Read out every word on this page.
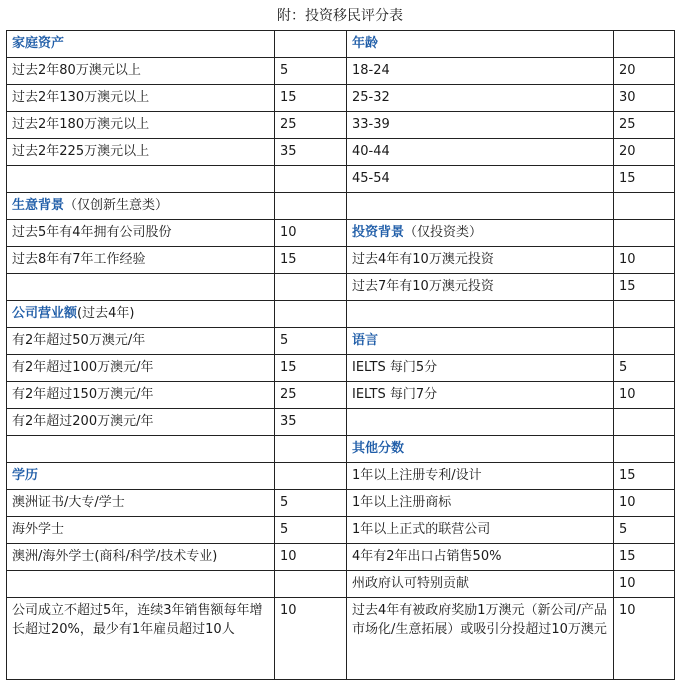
附：投资移民评分表
家庭资产		年龄	
过去2年80万澳元以上	5	18-24	20
过去2年130万澳元以上	15	25-32	30
过去2年180万澳元以上	25	33-39	25
过去2年225万澳元以上	35	40-44	20
		45-54	15
生意背景（仅创新生意类）			
过去5年有4年拥有公司股份	10	投资背景（仅投资类）	
过去8年有7年工作经验	15	过去4年有10万澳元投资	10
		过去7年有10万澳元投资	15
公司营业额(过去4年)			
有2年超过50万澳元/年	5	语言	
有2年超过100万澳元/年	15	IELTS 每门5分	5
有2年超过150万澳元/年	25	IELTS 每门7分	10
有2年超过200万澳元/年	35		
		其他分数	
学历		1年以上注册专利/设计	15
澳洲证书/大专/学士	5	1年以上注册商标	10
海外学士	5	1年以上正式的联营公司	5
澳洲/海外学士(商科/科学/技术专业)	10	4年有2年出口占销售50%	15
		州政府认可特别贡献	10
公司成立不超过5年，连续3年销售额每年增长超过20%，最少有1年雇员超过10人	10	过去4年有被政府奖励1万澳元（新公司/产品市场化/生意拓展）或吸引分投超过10万澳元	10
